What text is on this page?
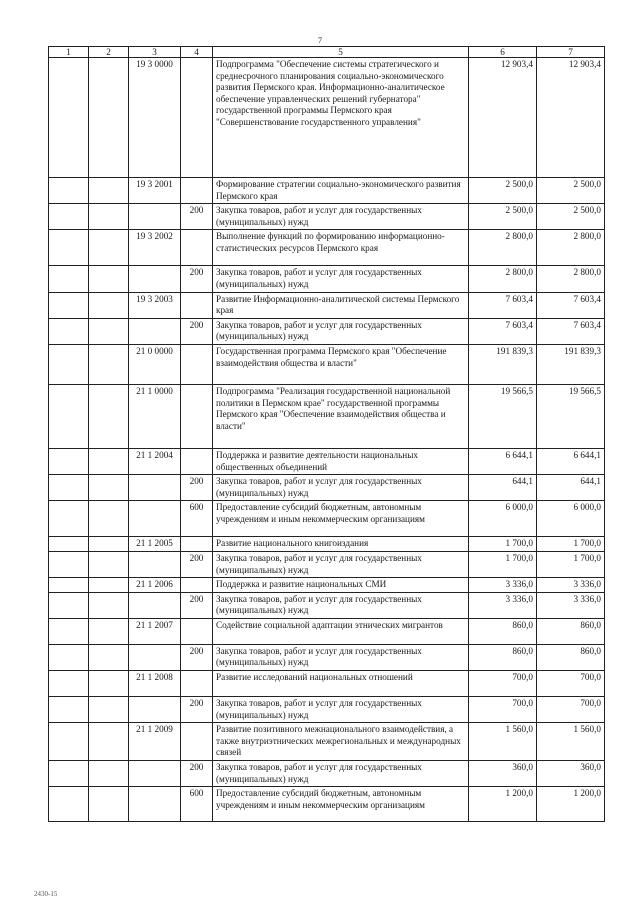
7
1	2	3	4	5	6	7
		19 3 0000		Подпрограмма "Обеспечение системы стратегического и среднесрочного планирования социально-экономического развития Пермского края. Информационно-аналитическое обеспечение управленческих решений губернатора" государственной программы Пермского края "Совершенствование государственного управления"	12 903,4	12 903,4
		19 3 2001		Формирование стратегии социально-экономического развития Пермского края	2 500,0	2 500,0
			200	Закупка товаров, работ и услуг для государственных (муниципальных) нужд	2 500,0	2 500,0
		19 3 2002		Выполнение функций по формированию информационно-статистических ресурсов Пермского края	2 800,0	2 800,0
			200	Закупка товаров, работ и услуг для государственных (муниципальных) нужд	2 800,0	2 800,0
		19 3 2003		Развитие Информационно-аналитической системы Пермского края	7 603,4	7 603,4
			200	Закупка товаров, работ и услуг для государственных (муниципальных) нужд	7 603,4	7 603,4
		21 0 0000		Государственная программа Пермского края "Обеспечение взаимодействия общества и власти"	191 839,3	191 839,3
		21 1 0000		Подпрограмма "Реализация государственной национальной политики в Пермском крае" государственной программы Пермского края "Обеспечение взаимодействия общества и власти"	19 566,5	19 566,5
		21 1 2004		Поддержка и развитие деятельности национальных общественных объединений	6 644,1	6 644,1
			200	Закупка товаров, работ и услуг для государственных (муниципальных) нужд	644,1	644,1
			600	Предоставление субсидий бюджетным, автономным учреждениям и иным некоммерческим организациям	6 000,0	6 000,0
		21 1 2005		Развитие национального книгоиздания	1 700,0	1 700,0
			200	Закупка товаров, работ и услуг для государственных (муниципальных) нужд	1 700,0	1 700,0
		21 1 2006		Поддержка и развитие национальных СМИ	3 336,0	3 336,0
			200	Закупка товаров, работ и услуг для государственных (муниципальных) нужд	3 336,0	3 336,0
		21 1 2007		Содействие социальной адаптации этнических мигрантов	860,0	860,0
			200	Закупка товаров, работ и услуг для государственных (муниципальных) нужд	860,0	860,0
		21 1 2008		Развитие исследований национальных отношений	700,0	700,0
			200	Закупка товаров, работ и услуг для государственных (муниципальных) нужд	700,0	700,0
		21 1 2009		Развитие позитивного межнационального взаимодействия, а также внутриэтнических межрегиональных и международных связей	1 560,0	1 560,0
			200	Закупка товаров, работ и услуг для государственных (муниципальных) нужд	360,0	360,0
			600	Предоставление субсидий бюджетным, автономным учреждениям и иным некоммерческим организациям	1 200,0	1 200,0
2430-15
